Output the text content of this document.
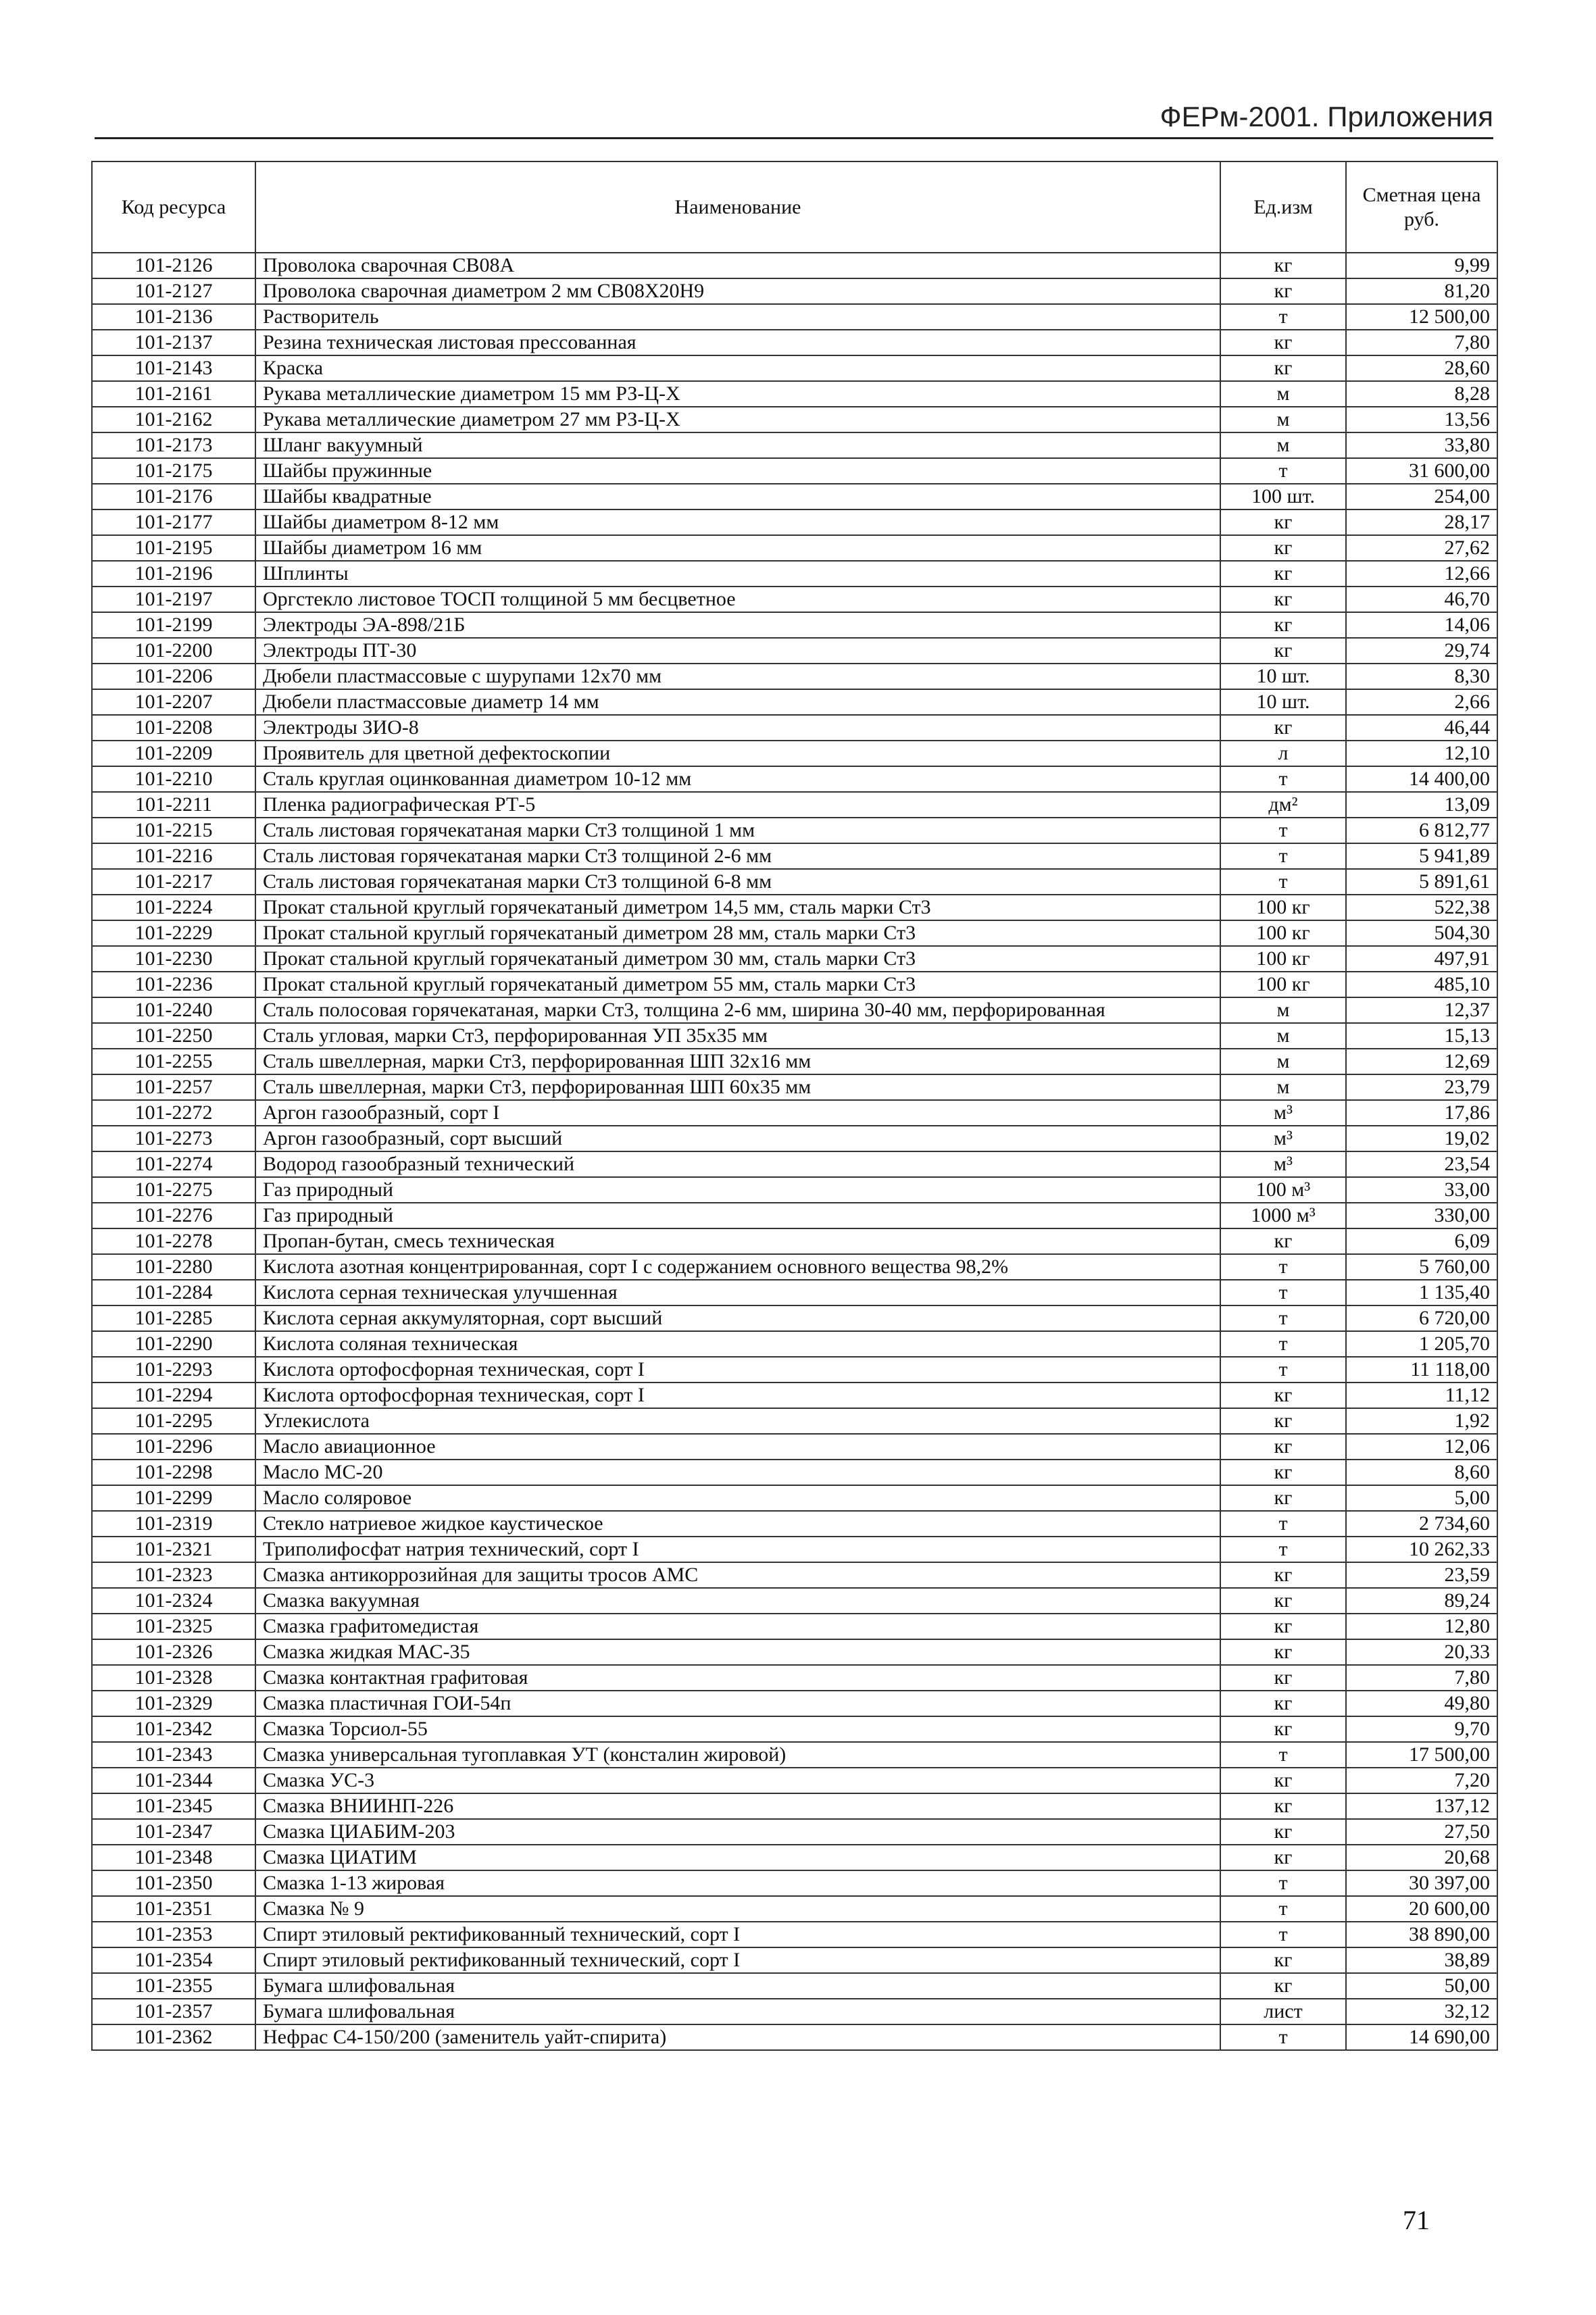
ФЕРм-2001. Приложения
Код ресурса	Наименование	Ед.изм	Сметная цена руб.
101-2126	Проволока сварочная СВ08А	кг	9,99
101-2127	Проволока сварочная диаметром 2 мм СВ08Х20Н9	кг	81,20
101-2136	Растворитель	т	12 500,00
101-2137	Резина техническая листовая прессованная	кг	7,80
101-2143	Краска	кг	28,60
101-2161	Рукава металлические диаметром 15 мм РЗ-Ц-Х	м	8,28
101-2162	Рукава металлические диаметром 27 мм РЗ-Ц-Х	м	13,56
101-2173	Шланг вакуумный	м	33,80
101-2175	Шайбы пружинные	т	31 600,00
101-2176	Шайбы квадратные	100 шт.	254,00
101-2177	Шайбы диаметром 8-12 мм	кг	28,17
101-2195	Шайбы диаметром 16 мм	кг	27,62
101-2196	Шплинты	кг	12,66
101-2197	Оргстекло листовое ТОСП толщиной 5 мм бесцветное	кг	46,70
101-2199	Электроды ЭА-898/21Б	кг	14,06
101-2200	Электроды ПТ-30	кг	29,74
101-2206	Дюбели пластмассовые с шурупами 12х70 мм	10 шт.	8,30
101-2207	Дюбели пластмассовые диаметр 14 мм	10 шт.	2,66
101-2208	Электроды ЗИО-8	кг	46,44
101-2209	Проявитель для цветной дефектоскопии	л	12,10
101-2210	Сталь круглая оцинкованная диаметром 10-12 мм	т	14 400,00
101-2211	Пленка радиографическая РТ-5	дм²	13,09
101-2215	Сталь листовая горячекатаная марки Ст3 толщиной 1 мм	т	6 812,77
101-2216	Сталь листовая горячекатаная марки Ст3 толщиной 2-6 мм	т	5 941,89
101-2217	Сталь листовая горячекатаная марки Ст3 толщиной 6-8 мм	т	5 891,61
101-2224	Прокат стальной круглый горячекатаный диметром 14,5 мм, сталь марки Ст3	100 кг	522,38
101-2229	Прокат стальной круглый горячекатаный диметром 28 мм, сталь марки Ст3	100 кг	504,30
101-2230	Прокат стальной круглый горячекатаный диметром 30 мм, сталь марки Ст3	100 кг	497,91
101-2236	Прокат стальной круглый горячекатаный диметром 55 мм, сталь марки Ст3	100 кг	485,10
101-2240	Сталь полосовая горячекатаная, марки Ст3, толщина 2-6 мм, ширина 30-40 мм, перфорированная	м	12,37
101-2250	Сталь угловая, марки Ст3, перфорированная УП 35х35 мм	м	15,13
101-2255	Сталь швеллерная, марки Ст3, перфорированная ШП 32х16 мм	м	12,69
101-2257	Сталь швеллерная, марки Ст3, перфорированная ШП 60х35 мм	м	23,79
101-2272	Аргон газообразный, сорт I	м³	17,86
101-2273	Аргон газообразный, сорт высший	м³	19,02
101-2274	Водород газообразный технический	м³	23,54
101-2275	Газ природный	100 м³	33,00
101-2276	Газ природный	1000 м³	330,00
101-2278	Пропан-бутан, смесь техническая	кг	6,09
101-2280	Кислота азотная концентрированная, сорт I с содержанием основного вещества 98,2%	т	5 760,00
101-2284	Кислота серная техническая улучшенная	т	1 135,40
101-2285	Кислота серная аккумуляторная, сорт высший	т	6 720,00
101-2290	Кислота соляная техническая	т	1 205,70
101-2293	Кислота ортофосфорная техническая, сорт I	т	11 118,00
101-2294	Кислота ортофосфорная техническая, сорт I	кг	11,12
101-2295	Углекислота	кг	1,92
101-2296	Масло авиационное	кг	12,06
101-2298	Масло МС-20	кг	8,60
101-2299	Масло соляровое	кг	5,00
101-2319	Стекло натриевое жидкое каустическое	т	2 734,60
101-2321	Триполифосфат натрия технический, сорт I	т	10 262,33
101-2323	Смазка антикоррозийная для защиты тросов АМС	кг	23,59
101-2324	Смазка вакуумная	кг	89,24
101-2325	Смазка графитомедистая	кг	12,80
101-2326	Смазка жидкая МАС-35	кг	20,33
101-2328	Смазка контактная графитовая	кг	7,80
101-2329	Смазка пластичная ГОИ-54п	кг	49,80
101-2342	Смазка Торсиол-55	кг	9,70
101-2343	Смазка универсальная тугоплавкая УТ (консталин жировой)	т	17 500,00
101-2344	Смазка УС-3	кг	7,20
101-2345	Смазка ВНИИНП-226	кг	137,12
101-2347	Смазка ЦИАБИМ-203	кг	27,50
101-2348	Смазка ЦИАТИМ	кг	20,68
101-2350	Смазка 1-13 жировая	т	30 397,00
101-2351	Смазка № 9	т	20 600,00
101-2353	Спирт этиловый ректификованный технический, сорт I	т	38 890,00
101-2354	Спирт этиловый ректификованный технический, сорт I	кг	38,89
101-2355	Бумага шлифовальная	кг	50,00
101-2357	Бумага шлифовальная	лист	32,12
101-2362	Нефрас С4-150/200 (заменитель уайт-спирита)	т	14 690,00
71
